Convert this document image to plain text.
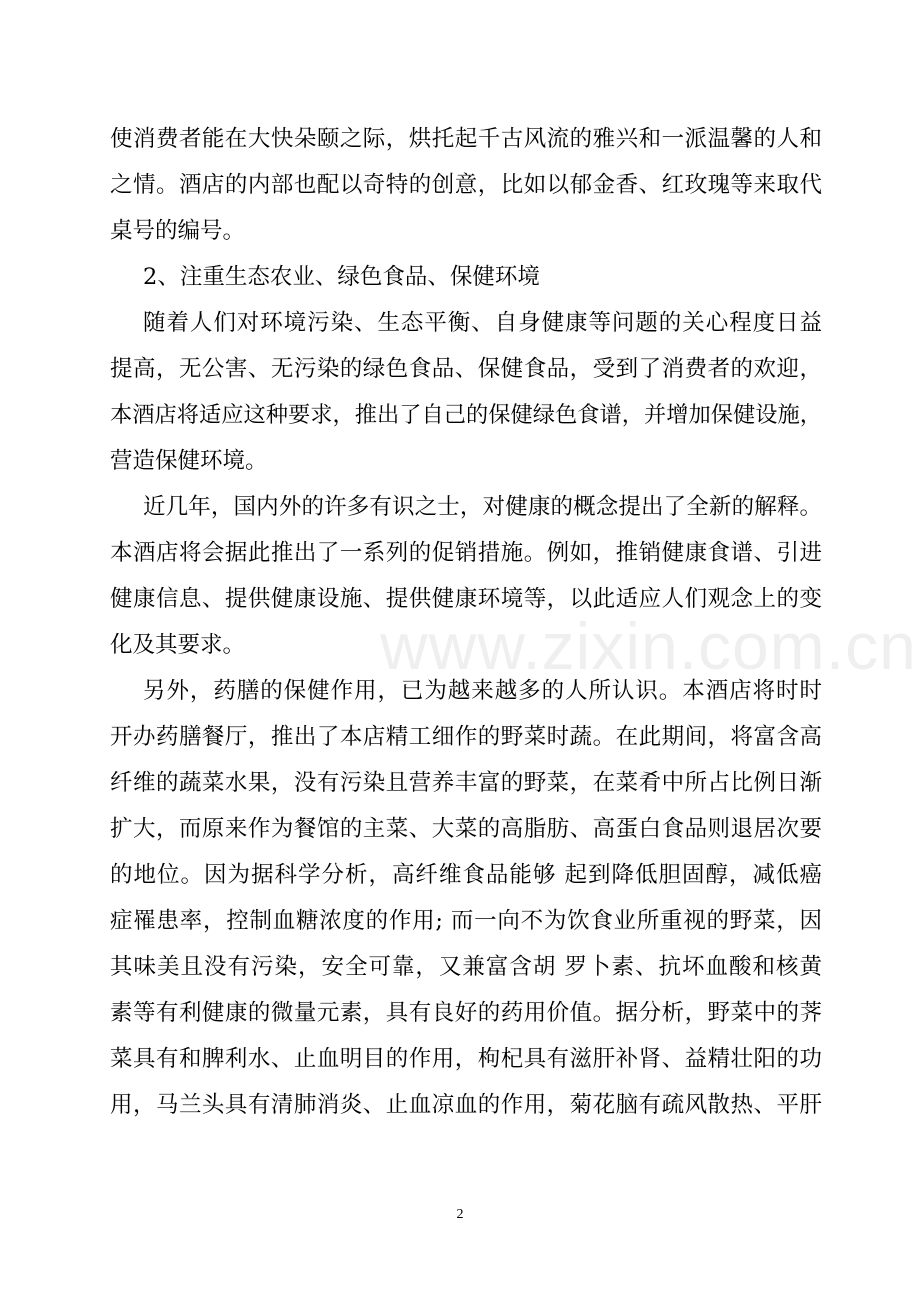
www.zixin.com.cn
使消费者能在大快朵颐之际，烘托起千古风流的雅兴和一派温馨的人和
之情。酒店的内部也配以奇特的创意，比如以郁金香、红玫瑰等来取代
桌号的编号。
2、注重生态农业、绿色食品、保健环境
随着人们对环境污染、生态平衡、自身健康等问题的关心程度日益
提高，无公害、无污染的绿色食品、保健食品，受到了消费者的欢迎，
本酒店将适应这种要求，推出了自己的保健绿色食谱，并增加保健设施，
营造保健环境。
近几年，国内外的许多有识之士，对健康的概念提出了全新的解释。
本酒店将会据此推出了一系列的促销措施。例如，推销健康食谱、引进
健康信息、提供健康设施、提供健康环境等，以此适应人们观念上的变
化及其要求。
另外，药膳的保健作用，已为越来越多的人所认识。本酒店将时时
开办药膳餐厅，推出了本店精工细作的野菜时蔬。在此期间，将富含高
纤维的蔬菜水果，没有污染且营养丰富的野菜，在菜肴中所占比例日渐
扩大，而原来作为餐馆的主菜、大菜的高脂肪、高蛋白食品则退居次要
的地位。因为据科学分析，高纤维食品能够 起到降低胆固醇，减低癌
症罹患率，控制血糖浓度的作用; 而一向不为饮食业所重视的野菜，因
其味美且没有污染，安全可靠，又兼富含胡 罗卜素、抗坏血酸和核黄
素等有利健康的微量元素，具有良好的药用价值。据分析，野菜中的荠
菜具有和脾利水、止血明目的作用，枸杞具有滋肝补肾、益精壮阳的功
用，马兰头具有清肺消炎、止血凉血的作用，菊花脑有疏风散热、平肝
2
